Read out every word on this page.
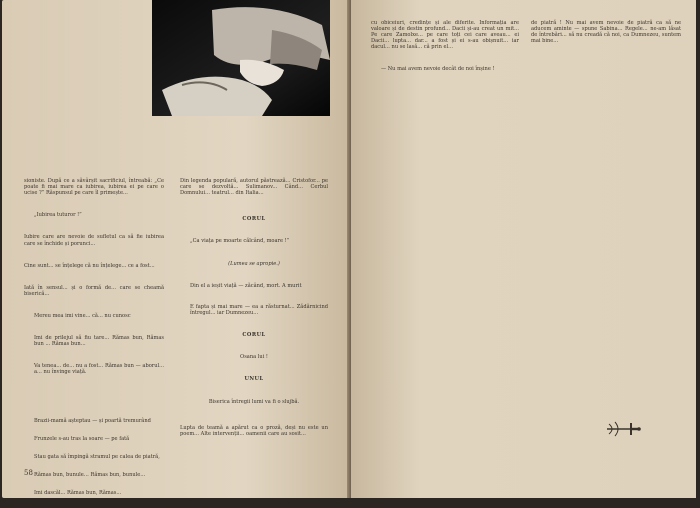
sioniste. După ce a săvârșit sacrificiul, întreabă: „Ce poate fi mai mare ca iubirea, iubirea ei pe care o ucise ?” Răspunsul pe care îl primește...

„Iubirea tuturor !”

Iubire care are nevoie de sufletul ca să fie iubirea care se închide și porunci...

Cine sunt... se înțelege că nu înțelege... ce a fost...

Iată în sensul... și o formă de... care se cheamă biserică...

Mereu mea imi vine... că... nu cunosc

Imi de prilejul să fiu tare... Rămas bun, Rămas bun ... Rămas bun...

Va tenea... de... nu a fost... Rămas bun — aborul... a... nu învinge viață.

Brazii-mamă așteptau — și poartă tremurând

Frunzele s-au tras la soare — pe fată

Stau gata să împingă stramul pe calea de piatră,

Rămas bun, bunule… Rămas bun, bunule…

Imi dascăl... Rămas bun, Rămas...

Din legenda populară, autorul păstrează... Cristofor... pe care se dezvoltă... Sulimanov... Când... Cerbul Domnului... teatrul... din Italia...

CORUL

„Ca viața pe moarte călcând, moare !”

(Lumea se apropie.)

Din el a ieșit viață — zăcând, mort. A murit

E fapta și mai mare — ea a răsturnat... Zădărnicind întregul... iar Dumnezeu...

CORUL

Osana lui !

UNUL

Biserica întregii lumi va fi o slujbă.

Lupta de teamă a apărut ca o proză, deși nu este un poem... Alte intervenții... oamenii care au sosit...

58

cu obiceiuri, credințe și ale diferite. Informația are valoare și de destin profund... Dacii și-au creat un mit... Pe care Zamolxe... pe care toți cei care aveau... ei Dacii... lupta... dar... a fost și ei s-au obișnuit... iar dacul... nu se lasă... că prin el...

— Nu mai avem nevoie decât de noi înșine !

de piatră ! Nu mai avem nevoie de piatră ca să ne aducem aminte — spune Sabina... Regele... ne-am lăsat de întrebări... să nu creadă că noi, ca Dumnezeu, suntem mai bine...
